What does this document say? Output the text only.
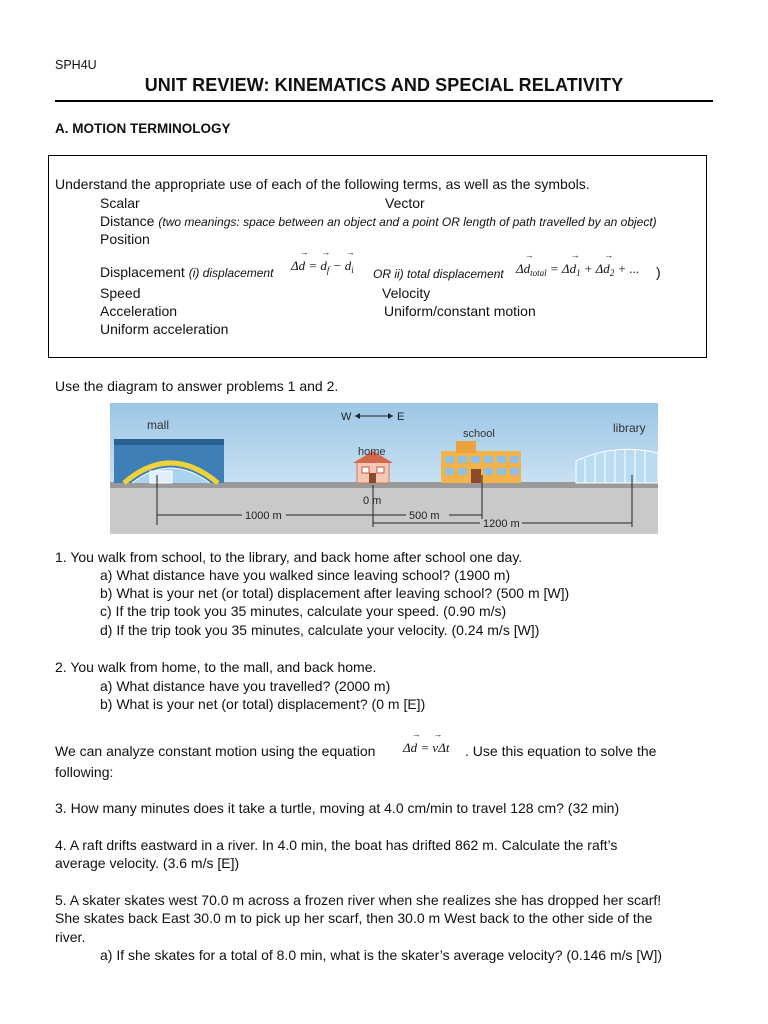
SPH4U
UNIT REVIEW: KINEMATICS AND SPECIAL RELATIVITY
A. MOTION TERMINOLOGY
Understand the appropriate use of each of the following terms, as well as the symbols.
Scalar	Vector
Distance (two meanings: space between an object and a point OR length of path travelled by an object)
Position
Displacement (i) displacement Δ→ d = → $d_f$ − → $d_i$ OR ii) total displacement $\Delta\to d_{total} = \Delta\to d_1 + \Delta\to d_2$ + ... )
Speed	Velocity
Acceleration	Uniform/constant motion
Uniform acceleration
Use the diagram to answer problems 1 and 2.
mall
home
school	library
W	E
0 m
1000 m	500 m
1200 m
1. You walk from school, to the library, and back home after school one day.
a) What distance have you walked since leaving school? (1900 m)
b) What is your net (or total) displacement after leaving school? (500 m [W])
c) If the trip took you 35 minutes, calculate your speed. (0.90 m/s)
d) If the trip took you 35 minutes, calculate your velocity. (0.24 m/s [W])
2. You walk from home, to the mall, and back home.
a) What distance have you travelled? (2000 m)
b) What is your net (or total) displacement? (0 m [E])
We can analyze constant motion using the equation Δ→ d = → vΔt . Use this equation to solve the
following:
3. How many minutes does it take a turtle, moving at 4.0 cm/min to travel 128 cm? (32 min)
4. A raft drifts eastward in a river. In 4.0 min, the boat has drifted 862 m. Calculate the raft’s
average velocity. (3.6 m/s [E])
5. A skater skates west 70.0 m across a frozen river when she realizes she has dropped her scarf!
She skates back East 30.0 m to pick up her scarf, then 30.0 m West back to the other side of the
river.
a) If she skates for a total of 8.0 min, what is the skater’s average velocity? (0.146 m/s [W])
